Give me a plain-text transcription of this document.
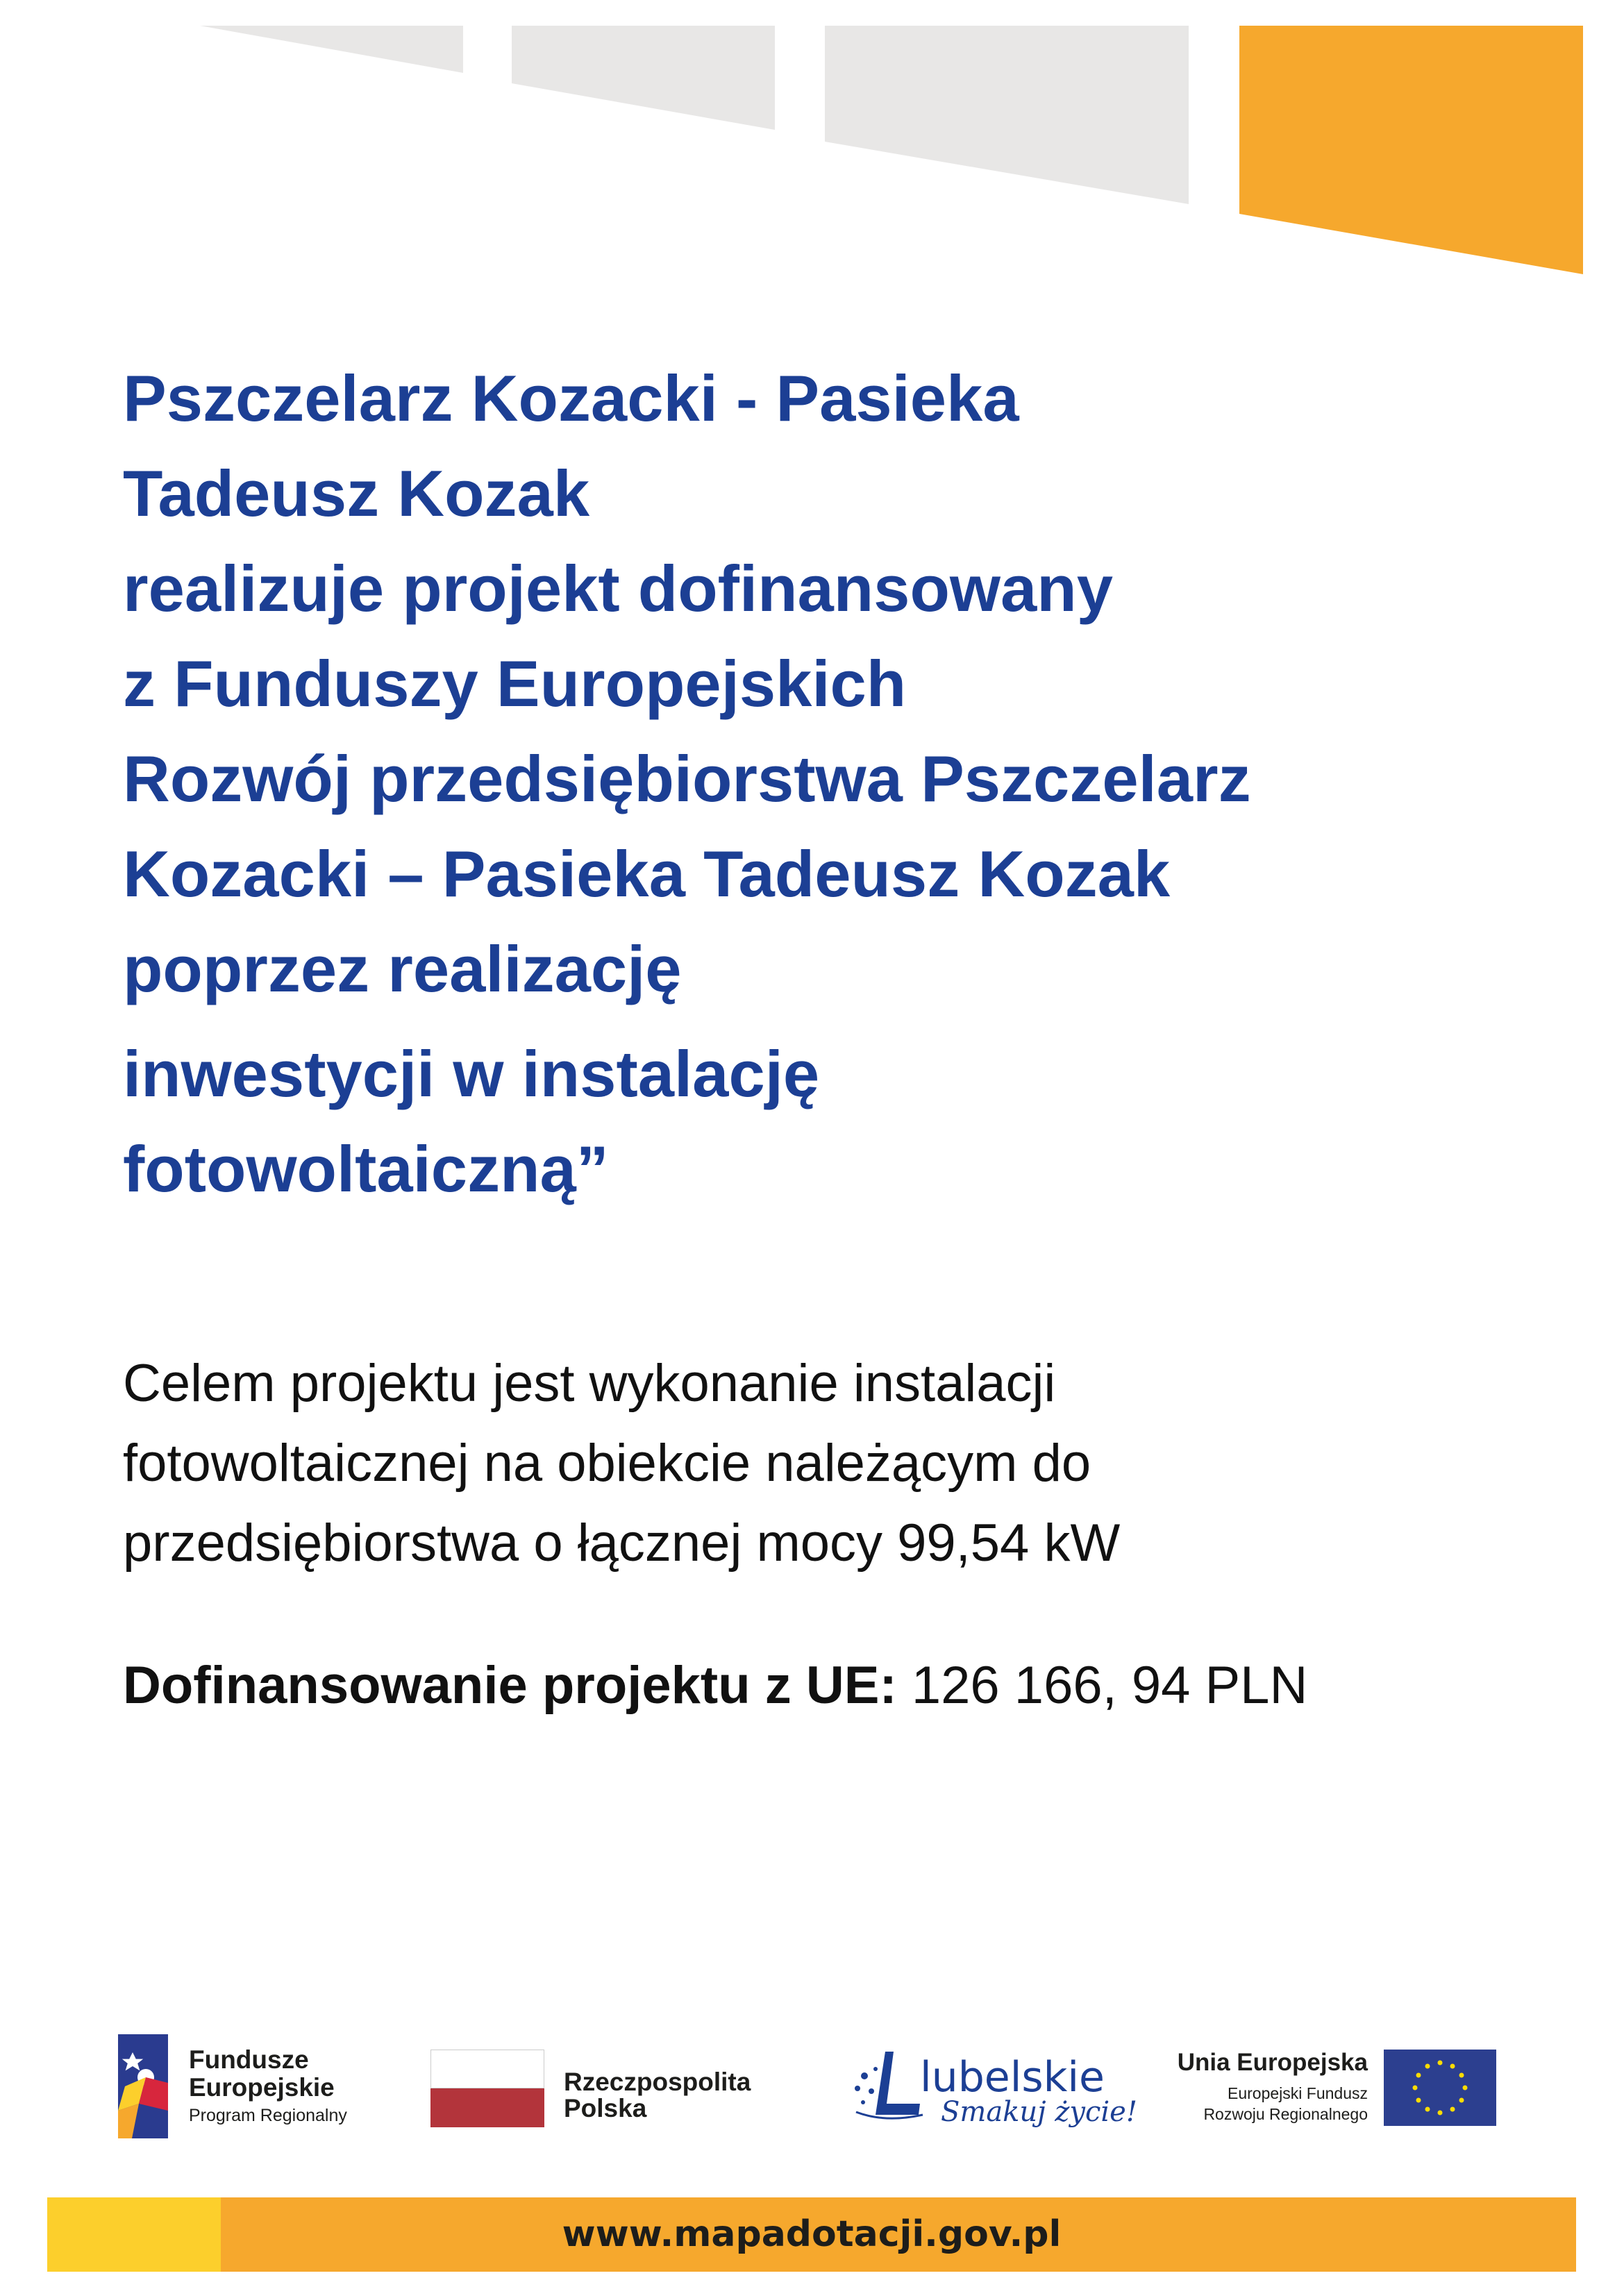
Pszczelarz Kozacki - Pasieka
Tadeusz Kozak
realizuje projekt dofinansowany
z Funduszy Europejskich
Rozwój przedsiębiorstwa Pszczelarz
Kozacki – Pasieka Tadeusz Kozak
poprzez realizację
inwestycji w instalację
fotowoltaiczną”
Celem projektu jest wykonanie instalacji
fotowoltaicznej na obiekcie należącym do
przedsiębiorstwa o łącznej mocy 99,54 kW
Dofinansowanie projektu z UE: 126 166, 94 PLN
Fundusze
Europejskie
Program Regionalny
Rzeczpospolita
Polska
lubelskie
Smakuj życie!
Unia Europejska
Europejski Fundusz
Rozwoju Regionalnego
www.mapadotacji.gov.pl
